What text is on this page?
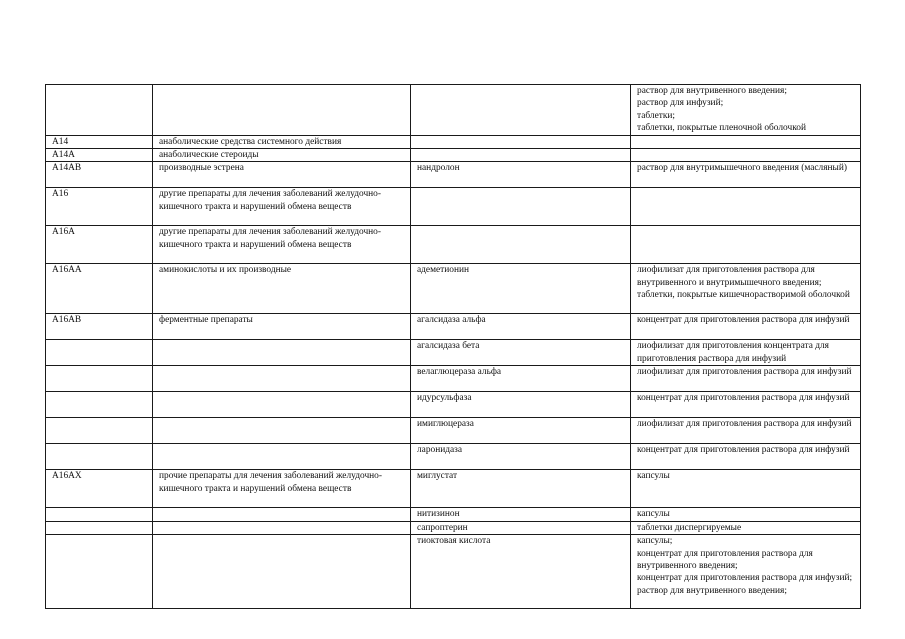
			раствор для внутривенного введения;
раствор для инфузий;
таблетки;
таблетки, покрытые пленочной оболочкой

A14	анаболические средства системного действия		

A14A	анаболические стероиды		

A14AB	производные эстрена	нандролон	раствор для внутримышечного введения (масляный)

A16	другие препараты для лечения заболеваний желудочно-кишечного тракта и нарушений обмена веществ		

A16A	другие препараты для лечения заболеваний желудочно-кишечного тракта и нарушений обмена веществ		

A16AA	аминокислоты и их производные	адеметионин	лиофилизат для приготовления раствора для внутривенного и внутримышечного введения;
таблетки, покрытые кишечнорастворимой оболочкой

A16AB	ферментные препараты	агалсидаза альфа	концентрат для приготовления раствора для инфузий

		агалсидаза бета	лиофилизат для приготовления концентрата для приготовления раствора для инфузий

		велаглюцераза альфа	лиофилизат для приготовления раствора для инфузий

		идурсульфаза	концентрат для приготовления раствора для инфузий

		имиглюцераза	лиофилизат для приготовления раствора для инфузий

		ларонидаза	концентрат для приготовления раствора для инфузий

A16AX	прочие препараты для лечения заболеваний желудочно-кишечного тракта и нарушений обмена веществ	миглустат	капсулы

		нитизинон	капсулы

		сапроптерин	таблетки диспергируемые

		тиоктовая кислота	капсулы;
концентрат для приготовления раствора для внутривенного введения;
концентрат для приготовления раствора для инфузий;
раствор для внутривенного введения;
